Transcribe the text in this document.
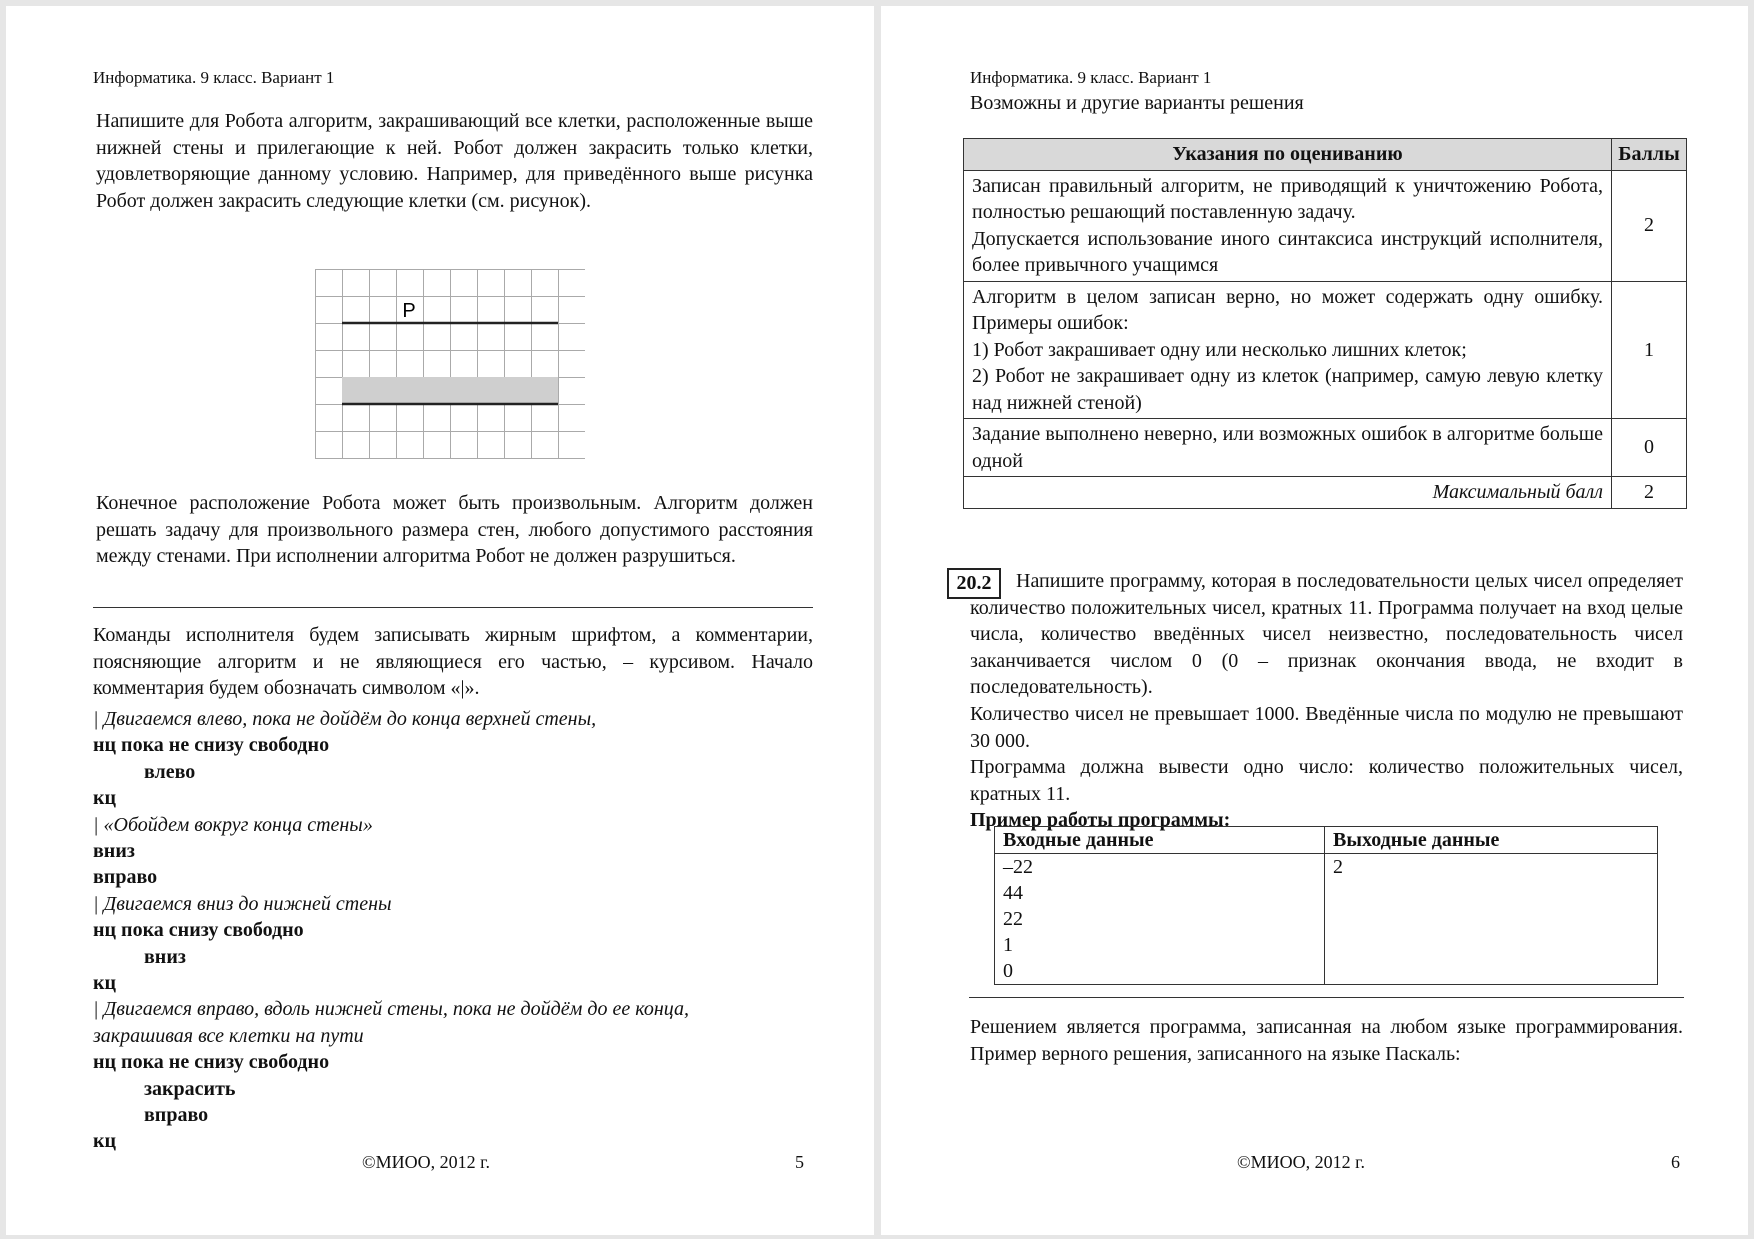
Информатика. 9 класс. Вариант 1

Напишите для Робота алгоритм, закрашивающий все клетки, расположенные выше нижней стены и прилегающие к ней. Робот должен закрасить только клетки, удовлетворяющие данному условию. Например, для приведённого выше рисунка Робот должен закрасить следующие клетки (см. рисунок).

Р

Конечное расположение Робота может быть произвольным. Алгоритм должен решать задачу для произвольного размера стен, любого допустимого расстояния между стенами. При исполнении алгоритма Робот не должен разрушиться.

Команды исполнителя будем записывать жирным шрифтом, а комментарии, поясняющие алгоритм и не являющиеся его частью, – курсивом. Начало комментария будем обозначать символом «|».

| Двигаемся влево, пока не дойдём до конца верхней стены,
нц пока не снизу свободно
влево
кц
| «Обойдем вокруг конца стены»
вниз
вправо
| Двигаемся вниз до нижней стены
нц пока снизу свободно
вниз
кц
| Двигаемся вправо, вдоль нижней стены, пока не дойдём до ее конца,
закрашивая все клетки на пути
нц пока не снизу свободно
закрасить
вправо
кц
©МИОО, 2012 г.	5
Информатика. 9 класс. Вариант 1
Возможны и другие варианты решения
Указания по оцениванию	Баллы

Записан правильный алгоритм, не приводящий к уничтожению Робота, полностью решающий поставленную задачу.
Допускается использование иного синтаксиса инструкций исполнителя, более привычного учащимся	2

Алгоритм в целом записан верно, но может содержать одну ошибку. Примеры ошибок:
1) Робот закрашивает одну или несколько лишних клеток;
2) Робот не закрашивает одну из клеток (например, самую левую клетку над нижней стеной)	1

Задание выполнено неверно, или возможных ошибок в алгоритме больше одной	0
Максимальный балл	2
20.2	Напишите программу, которая в последовательности целых чисел определяет количество положительных чисел, кратных 11. Программа получает на вход целые числа, количество введённых чисел неизвестно, последовательность чисел заканчивается числом 0 (0 – признак окончания ввода, не входит в последовательность).

Количество чисел не превышает 1000. Введённые числа по модулю не превышают 30 000.

Программа должна вывести одно число: количество положительных чисел, кратных 11.

Пример работы программы:
Входные данные	Выходные данные
–22	2
44	
22	
1	
0	

Решением является программа, записанная на любом языке программирования. Пример верного решения, записанного на языке Паскаль:

©МИОО, 2012 г.	6
